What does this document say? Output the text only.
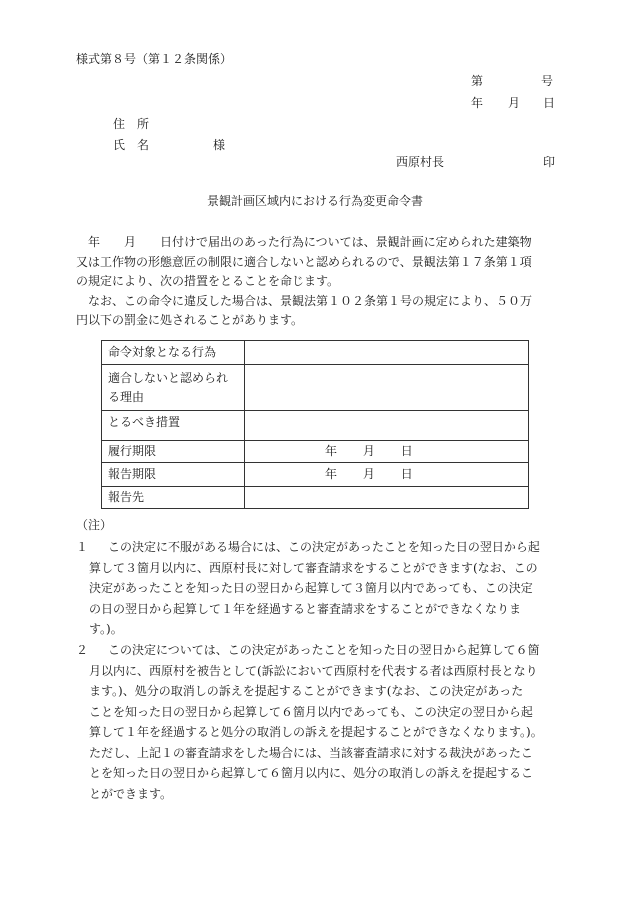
様式第８号（第１２条関係）
第	号
年 月 日
住　所
氏　名	様
西原村長	印
景観計画区域内における行為変更命令書
　年　　月　　日付けで届出のあった行為については、景観計画に定められた建築物
又は工作物の形態意匠の制限に適合しないと認められるので、景観法第１７条第１項
の規定により、次の措置をとることを命じます。
　なお、この命令に違反した場合は、景観法第１０２条第１号の規定により、５０万
円以下の罰金に処されることがあります。
命令対象となる行為	

適合しないと認められ
る理由	

とるべき措置	
履行期限	年 月 日
報告期限	年 月 日
報告先	
（注）
１ この決定に不服がある場合には、この決定があったことを知った日の翌日から起
算して３箇月以内に、西原村長に対して審査請求をすることができます(なお、この
決定があったことを知った日の翌日から起算して３箇月以内であっても、この決定
の日の翌日から起算して１年を経過すると審査請求をすることができなくなりま
す。)。
２ この決定については、この決定があったことを知った日の翌日から起算して６箇
月以内に、西原村を被告として(訴訟において西原村を代表する者は西原村長となり
ます。)、処分の取消しの訴えを提起することができます(なお、この決定があった
ことを知った日の翌日から起算して６箇月以内であっても、この決定の翌日から起
算して１年を経過すると処分の取消しの訴えを提起することができなくなります。)。
ただし、上記１の審査請求をした場合には、当該審査請求に対する裁決があったこ
とを知った日の翌日から起算して６箇月以内に、処分の取消しの訴えを提起するこ
とができます。
